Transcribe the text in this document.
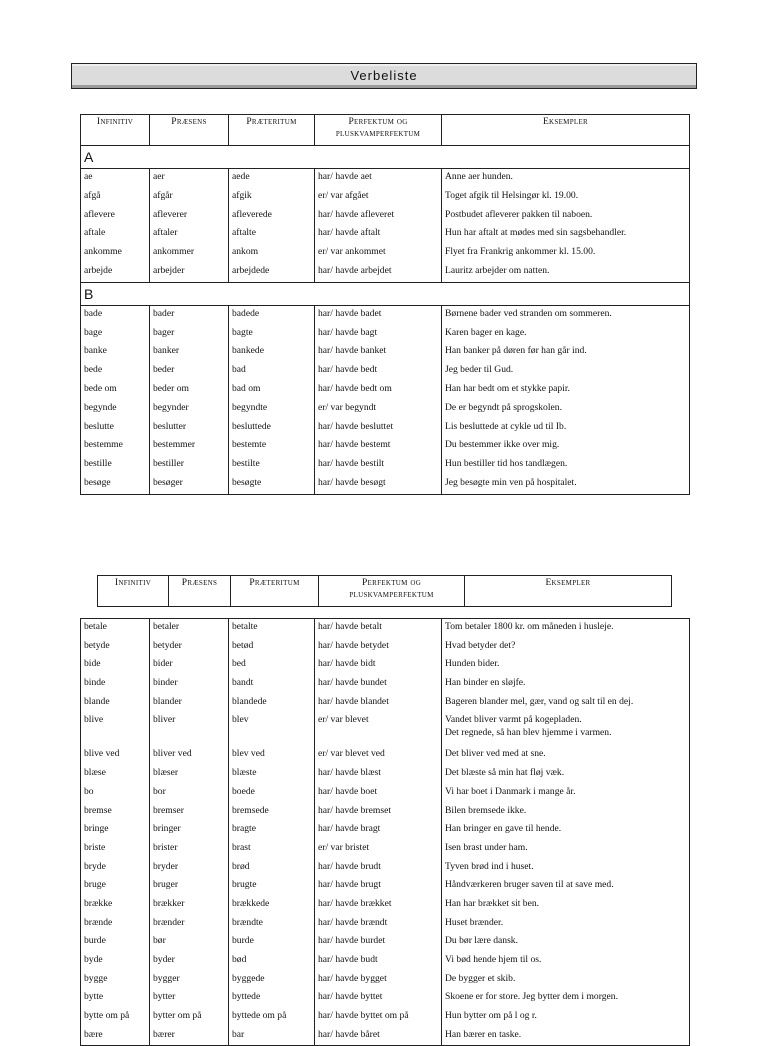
Verbeliste
Infinitiv	Præsens	Præteritum	Perfektum og pluskvamperfektum	Eksempler
A				
ae	aer	aede	har/ havde aet	Anne aer hunden.
afgå	afgår	afgik	er/ var afgået	Toget afgik til Helsingør kl. 19.00.
aflevere	afleverer	afleverede	har/ havde afleveret	Postbudet afleverer pakken til naboen.
aftale	aftaler	aftalte	har/ havde aftalt	Hun har aftalt at mødes med sin sagsbehandler.
ankomme	ankommer	ankom	er/ var ankommet	Flyet fra Frankrig ankommer kl. 15.00.
arbejde	arbejder	arbejdede	har/ havde arbejdet	Lauritz arbejder om natten.
B				
bade	bader	badede	har/ havde badet	Børnene bader ved stranden om sommeren.
bage	bager	bagte	har/ havde bagt	Karen bager en kage.
banke	banker	bankede	har/ havde banket	Han banker på døren før han går ind.
bede	beder	bad	har/ havde bedt	Jeg beder til Gud.
bede om	beder om	bad om	har/ havde bedt om	Han har bedt om et stykke papir.
begynde	begynder	begyndte	er/ var begyndt	De er begyndt på sprogskolen.
beslutte	beslutter	besluttede	har/ havde besluttet	Lis besluttede at cykle ud til Ib.
bestemme	bestemmer	bestemte	har/ havde bestemt	Du bestemmer ikke over mig.
bestille	bestiller	bestilte	har/ havde bestilt	Hun bestiller tid hos tandlægen.
besøge	besøger	besøgte	har/ havde besøgt	Jeg besøgte min ven på hospitalet.
Infinitiv	Præsens	Præteritum	Perfektum og pluskvamperfektum	Eksempler
betale	betaler	betalte	har/ havde betalt	Tom betaler 1800 kr. om måneden i husleje.
betyde	betyder	betød	har/ havde betydet	Hvad betyder det?
bide	bider	bed	har/ havde bidt	Hunden bider.
binde	binder	bandt	har/ havde bundet	Han binder en sløjfe.
blande	blander	blandede	har/ havde blandet	Bageren blander mel, gær, vand og salt til en dej.
blive	bliver	blev	er/ var blevet	Vandet bliver varmt på kogepladen.
Det regnede, så han blev hjemme i varmen.
blive ved	bliver ved	blev ved	er/ var blevet ved	Det bliver ved med at sne.
blæse	blæser	blæste	har/ havde blæst	Det blæste så min hat fløj væk.
bo	bor	boede	har/ havde boet	Vi har boet i Danmark i mange år.
bremse	bremser	bremsede	har/ havde bremset	Bilen bremsede ikke.
bringe	bringer	bragte	har/ havde bragt	Han bringer en gave til hende.
briste	brister	brast	er/ var bristet	Isen brast under ham.
bryde	bryder	brød	har/ havde brudt	Tyven brød ind i huset.
bruge	bruger	brugte	har/ havde brugt	Håndværkeren bruger saven til at save med.
brække	brækker	brækkede	har/ havde brækket	Han har brækket sit ben.
brænde	brænder	brændte	har/ havde brændt	Huset brænder.
burde	bør	burde	har/ havde burdet	Du bør lære dansk.
byde	byder	bød	har/ havde budt	Vi bød hende hjem til os.
bygge	bygger	byggede	har/ havde bygget	De bygger et skib.
bytte	bytter	byttede	har/ havde byttet	Skoene er for store. Jeg bytter dem i morgen.
bytte om på	bytter om på	byttede om på	har/ havde byttet om på	Hun bytter om på l og r.
bære	bærer	bar	har/ havde båret	Han bærer en taske.
